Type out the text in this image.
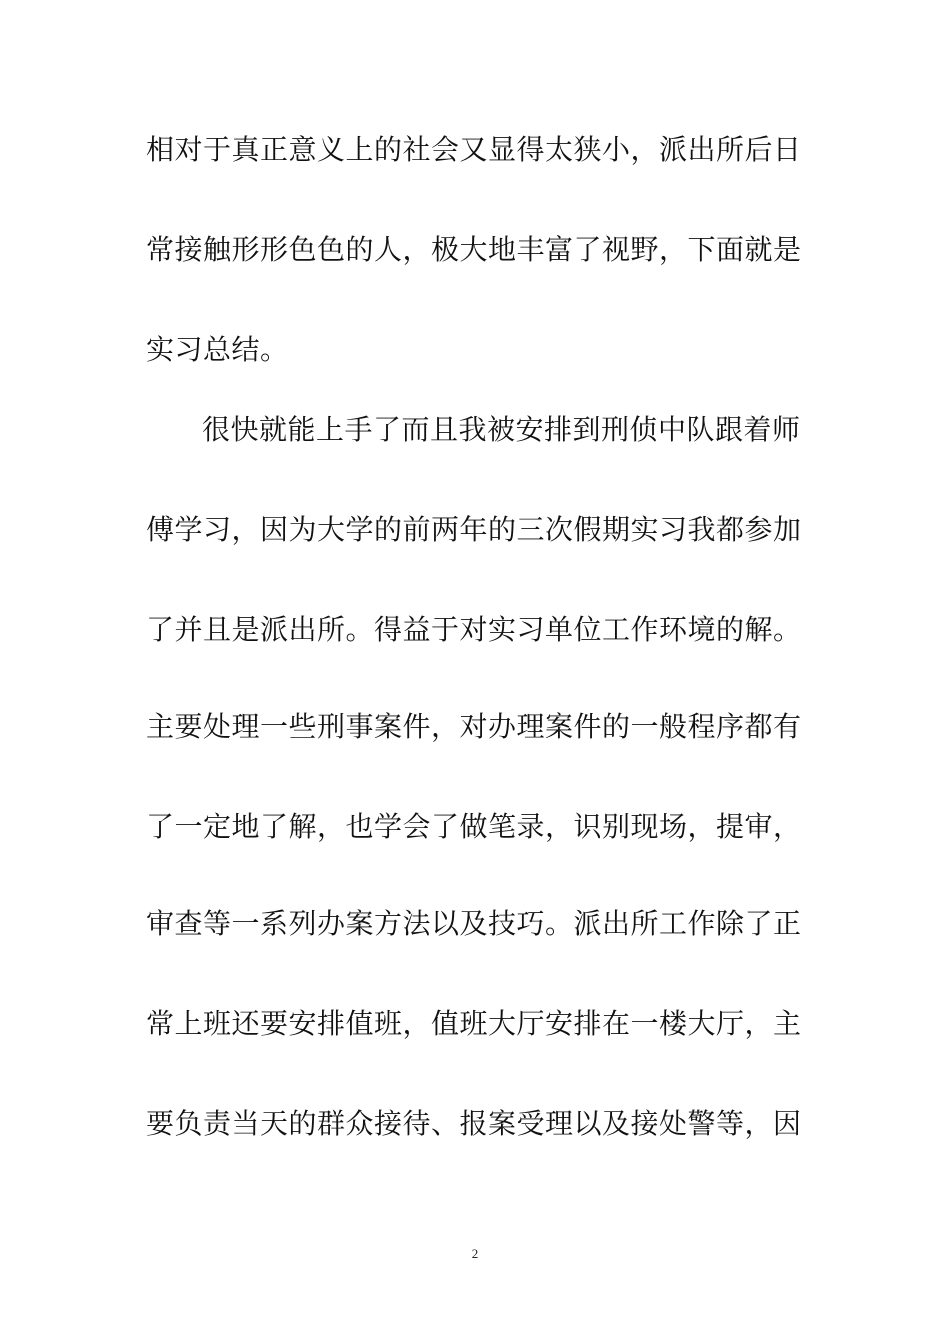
相对于真正意义上的社会又显得太狭小，派出所后日
常接触形形色色的人，极大地丰富了视野，下面就是
实习总结。
很快就能上手了而且我被安排到刑侦中队跟着师
傅学习，因为大学的前两年的三次假期实习我都参加
了并且是派出所。得益于对实习单位工作环境的解。
主要处理一些刑事案件，对办理案件的一般程序都有
了一定地了解，也学会了做笔录，识别现场，提审，
审查等一系列办案方法以及技巧。派出所工作除了正
常上班还要安排值班，值班大厅安排在一楼大厅，主
要负责当天的群众接待、报案受理以及接处警等，因
2
